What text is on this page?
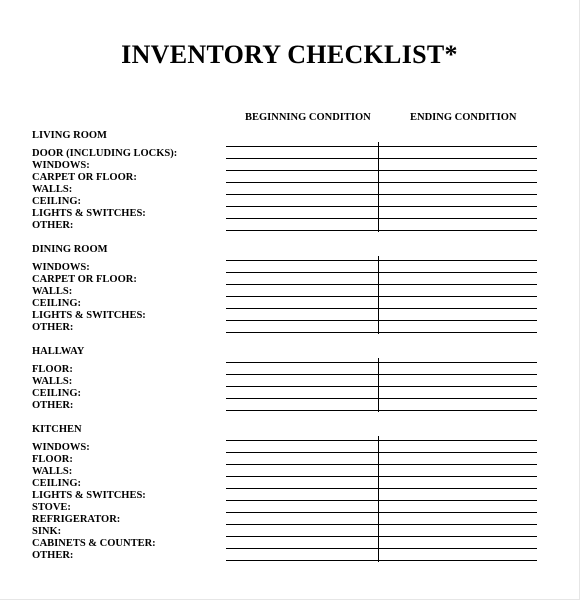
INVENTORY CHECKLIST*
BEGINNING CONDITION	ENDING CONDITION
LIVING ROOM
DOOR (INCLUDING LOCKS):
WINDOWS:
CARPET OR FLOOR:
WALLS:
CEILING:
LIGHTS & SWITCHES:
OTHER:
DINING ROOM
WINDOWS:
CARPET OR FLOOR:
WALLS:
CEILING:
LIGHTS & SWITCHES:
OTHER:
HALLWAY
FLOOR:
WALLS:
CEILING:
OTHER:
KITCHEN
WINDOWS:
FLOOR:
WALLS:
CEILING:
LIGHTS & SWITCHES:
STOVE:
REFRIGERATOR:
SINK:
CABINETS & COUNTER:
OTHER:
